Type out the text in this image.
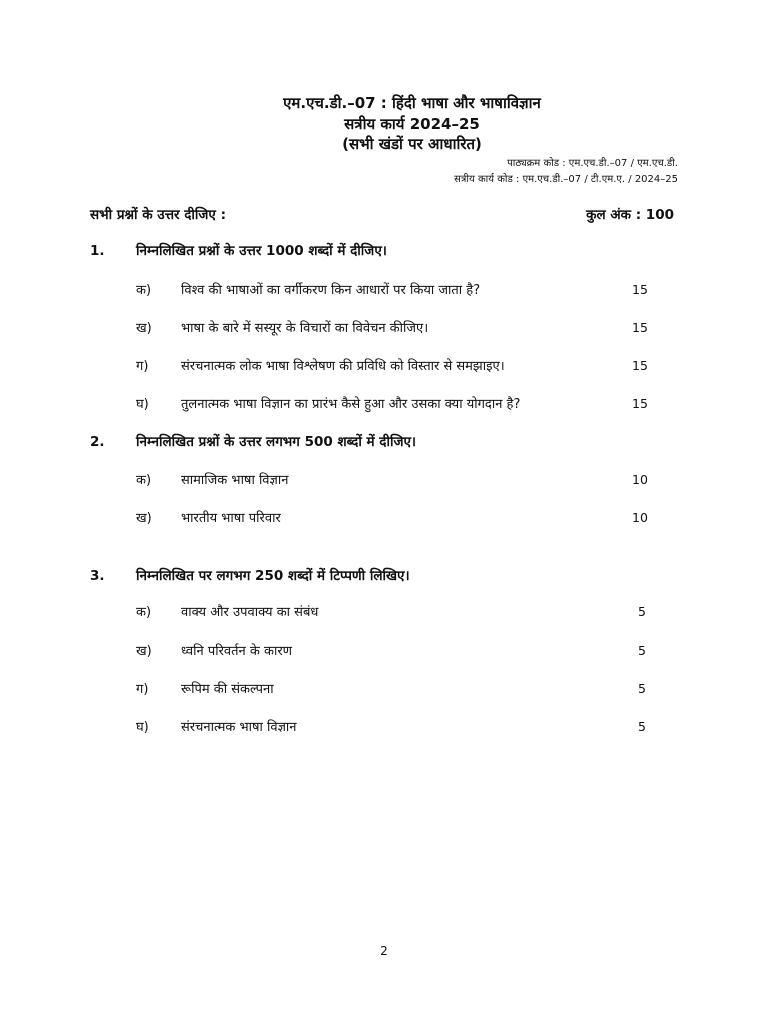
एम.एच.डी.–07 : हिंदी भाषा और भाषाविज्ञान
सत्रीय कार्य 2024–25
(सभी खंडों पर आधारित)
पाठ्यक्रम कोड : एम.एच.डी.–07 / एम.एच.डी.
सत्रीय कार्य कोड : एम.एच.डी.–07 / टी.एम.ए. / 2024–25
सभी प्रश्नों के उत्तर दीजिए :	कुल अंक : 100
1. निम्नलिखित प्रश्नों के उत्तर 1000 शब्दों में दीजिए।
क) विश्व की भाषाओं का वर्गीकरण किन आधारों पर किया जाता है?	15
ख) भाषा के बारे में सस्यूर के विचारों का विवेचन कीजिए।	15
ग)	संरचनात्मक लोक भाषा विश्लेषण की प्रविधि को विस्तार से समझाइए।	15
घ) तुलनात्मक भाषा विज्ञान का प्रारंभ कैसे हुआ और उसका क्या योगदान है?	15
2. निम्नलिखित प्रश्नों के उत्तर लगभग 500 शब्दों में दीजिए।
क) सामाजिक भाषा विज्ञान	10
ख) भारतीय भाषा परिवार	10
3. निम्नलिखित पर लगभग 250 शब्दों में टिप्पणी लिखिए।
क) वाक्य और उपवाक्य का संबंध	5
ख) ध्वनि परिवर्तन के कारण	5
ग)	रूपिम की संकल्पना	5
घ) संरचनात्मक भाषा विज्ञान	5
2
